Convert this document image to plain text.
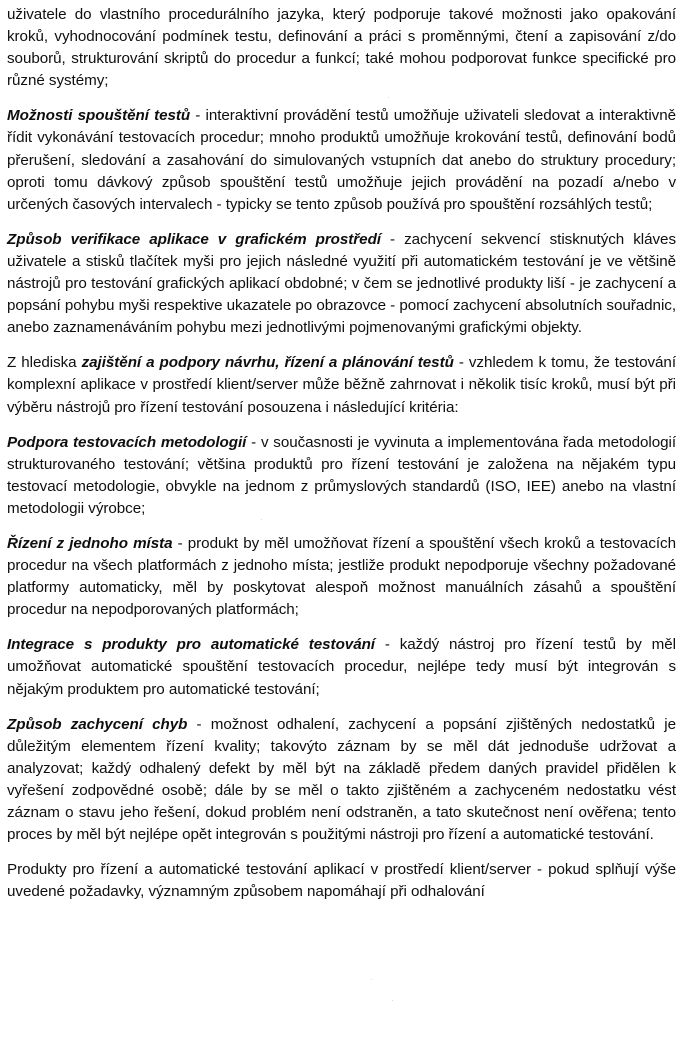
uživatele do vlastního procedurálního jazyka, který podporuje takové možnosti jako opakování kroků, vyhodnocování podmínek testu, definování a práci s proměnnými, čtení a zapisování z/do souborů, strukturování skriptů do procedur a funkcí; také mohou podporovat funkce specifické pro různé systémy;

Možnosti spouštění testů - interaktivní provádění testů umožňuje uživateli sledovat a interaktivně řídit vykonávání testovacích procedur; mnoho produktů umožňuje krokování testů, definování bodů přerušení, sledování a zasahování do simulovaných vstupních dat anebo do struktury procedury; oproti tomu dávkový způsob spouštění testů umožňuje jejich provádění na pozadí a/nebo v určených časových intervalech - typicky se tento způsob používá pro spouštění rozsáhlých testů;

Způsob verifikace aplikace v grafickém prostředí - zachycení sekvencí stisknutých kláves uživatele a stisků tlačítek myši pro jejich následné využití při automatickém testování je ve většině nástrojů pro testování grafických aplikací obdobné; v čem se jednotlivé produkty liší - je zachycení a popsání pohybu myši respektive ukazatele po obrazovce - pomocí zachycení absolutních souřadnic, anebo zaznamenáváním pohybu mezi jednotlivými pojmenovanými grafickými objekty.

Z hlediska zajištění a podpory návrhu, řízení a plánování testů - vzhledem k tomu, že testování komplexní aplikace v prostředí klient/server může běžně zahrnovat i několik tisíc kroků, musí být při výběru nástrojů pro řízení testování posouzena i následující kritéria:

Podpora testovacích metodologií - v současnosti je vyvinuta a implementována řada metodologií strukturovaného testování; většina produktů pro řízení testování je založena na nějakém typu testovací metodologie, obvykle na jednom z průmyslových standardů (ISO, IEE) anebo na vlastní metodologii výrobce;

Řízení z jednoho místa - produkt by měl umožňovat řízení a spouštění všech kroků a testovacích procedur na všech platformách z jednoho místa; jestliže produkt nepodporuje všechny požadované platformy automaticky, měl by poskytovat alespoň možnost manuálních zásahů a spouštění procedur na nepodporovaných platformách;

Integrace s produkty pro automatické testování - každý nástroj pro řízení testů by měl umožňovat automatické spouštění testovacích procedur, nejlépe tedy musí být integrován s nějakým produktem pro automatické testování;

Způsob zachycení chyb - možnost odhalení, zachycení a popsání zjištěných nedostatků je důležitým elementem řízení kvality; takovýto záznam by se měl dát jednoduše udržovat a analyzovat; každý odhalený defekt by měl být na základě předem daných pravidel přidělen k vyřešení zodpovědné osobě; dále by se měl o takto zjištěném a zachyceném nedostatku vést záznam o stavu jeho řešení, dokud problém není odstraněn, a tato skutečnost není ověřena; tento proces by měl být nejlépe opět integrován s použitými nástroji pro řízení a automatické testování.

Produkty pro řízení a automatické testování aplikací v prostředí klient/server - pokud splňují výše uvedené požadavky, významným způsobem napomáhají při odhalování
